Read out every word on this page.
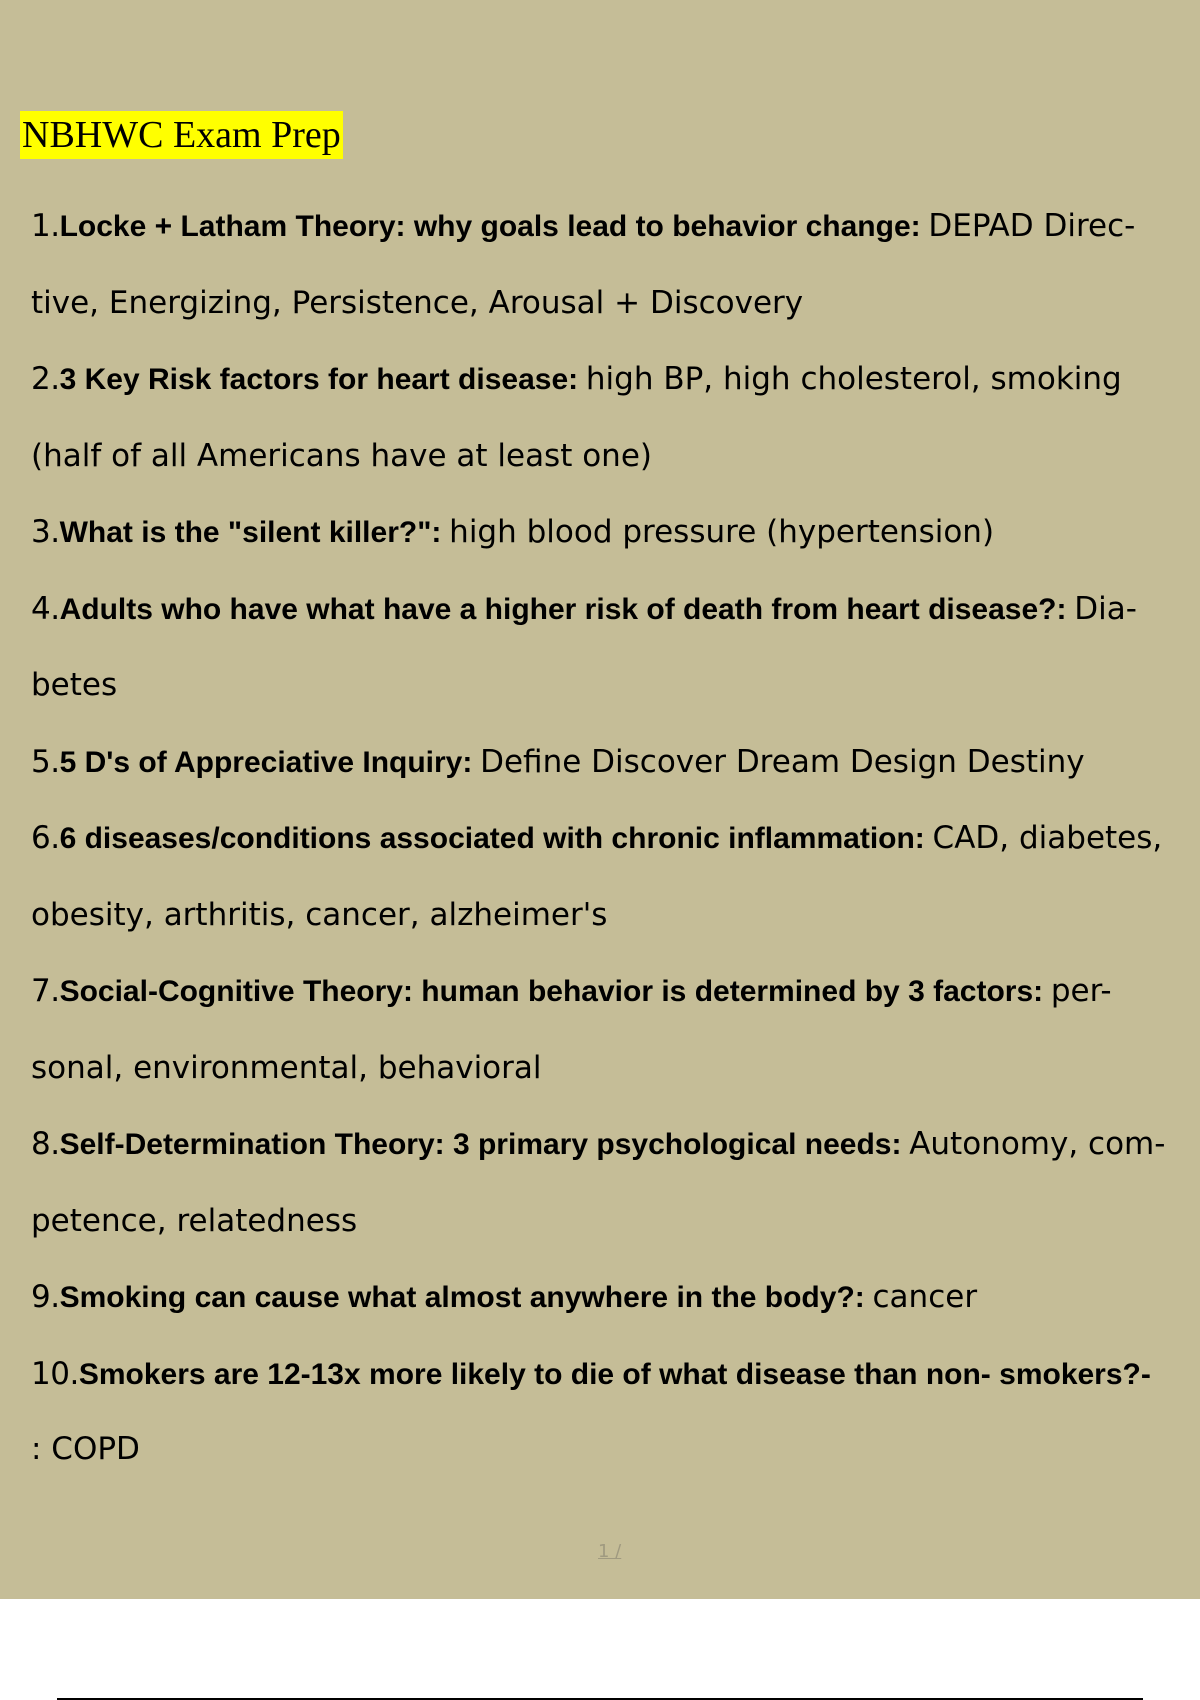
NBHWC Exam Prep

1.Locke + Latham Theory: why goals lead to behavior change: DEPAD Direc- tive, Energizing, Persistence, Arousal + Discovery

2.3 Key Risk factors for heart disease: high BP, high cholesterol, smoking (half of all Americans have at least one)

3.What is the "silent killer?": high blood pressure (hypertension)

4.Adults who have what have a higher risk of death from heart disease?: Dia- betes

5.5 D's of Appreciative Inquiry: Define Discover Dream Design Destiny

6.6 diseases/conditions associated with chronic inflammation: CAD, diabetes, obesity, arthritis, cancer, alzheimer's

7.Social-Cognitive Theory: human behavior is determined by 3 factors: per- sonal, environmental, behavioral

8.Self-Determination Theory: 3 primary psychological needs: Autonomy, com- petence, relatedness

9.Smoking can cause what almost anywhere in the body?: cancer

10.Smokers are 12-13x more likely to die of what disease than non- smokers?-

: COPD
1 /
